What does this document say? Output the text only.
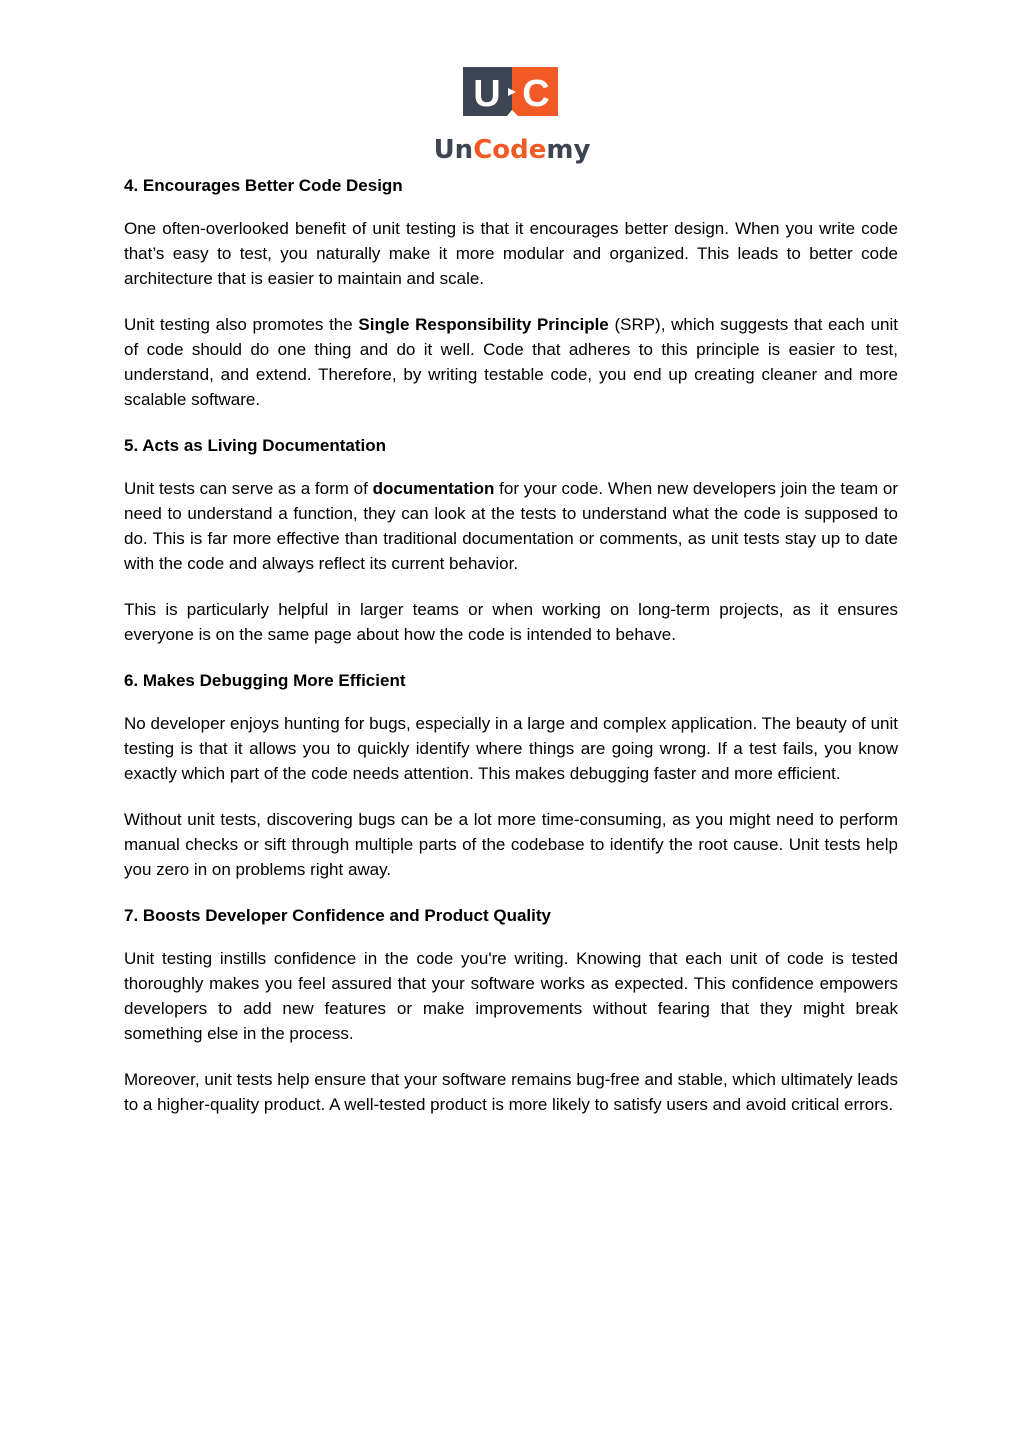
U C
UnCodemy
4. Encourages Better Code Design

One often-overlooked benefit of unit testing is that it encourages better design. When you write code that’s easy to test, you naturally make it more modular and organized. This leads to better code architecture that is easier to maintain and scale.

Unit testing also promotes the Single Responsibility Principle (SRP), which suggests that each unit of code should do one thing and do it well. Code that adheres to this principle is easier to test, understand, and extend. Therefore, by writing testable code, you end up creating cleaner and more scalable software.

5. Acts as Living Documentation

Unit tests can serve as a form of documentation for your code. When new developers join the team or need to understand a function, they can look at the tests to understand what the code is supposed to do. This is far more effective than traditional documentation or comments, as unit tests stay up to date with the code and always reflect its current behavior.

This is particularly helpful in larger teams or when working on long-term projects, as it ensures everyone is on the same page about how the code is intended to behave.

6. Makes Debugging More Efficient

No developer enjoys hunting for bugs, especially in a large and complex application. The beauty of unit testing is that it allows you to quickly identify where things are going wrong. If a test fails, you know exactly which part of the code needs attention. This makes debugging faster and more efficient.

Without unit tests, discovering bugs can be a lot more time-consuming, as you might need to perform manual checks or sift through multiple parts of the codebase to identify the root cause. Unit tests help you zero in on problems right away.

7. Boosts Developer Confidence and Product Quality

Unit testing instills confidence in the code you're writing. Knowing that each unit of code is tested thoroughly makes you feel assured that your software works as expected. This confidence empowers developers to add new features or make improvements without fearing that they might break something else in the process.

Moreover, unit tests help ensure that your software remains bug-free and stable, which ultimately leads to a higher-quality product. A well-tested product is more likely to satisfy users and avoid critical errors.
